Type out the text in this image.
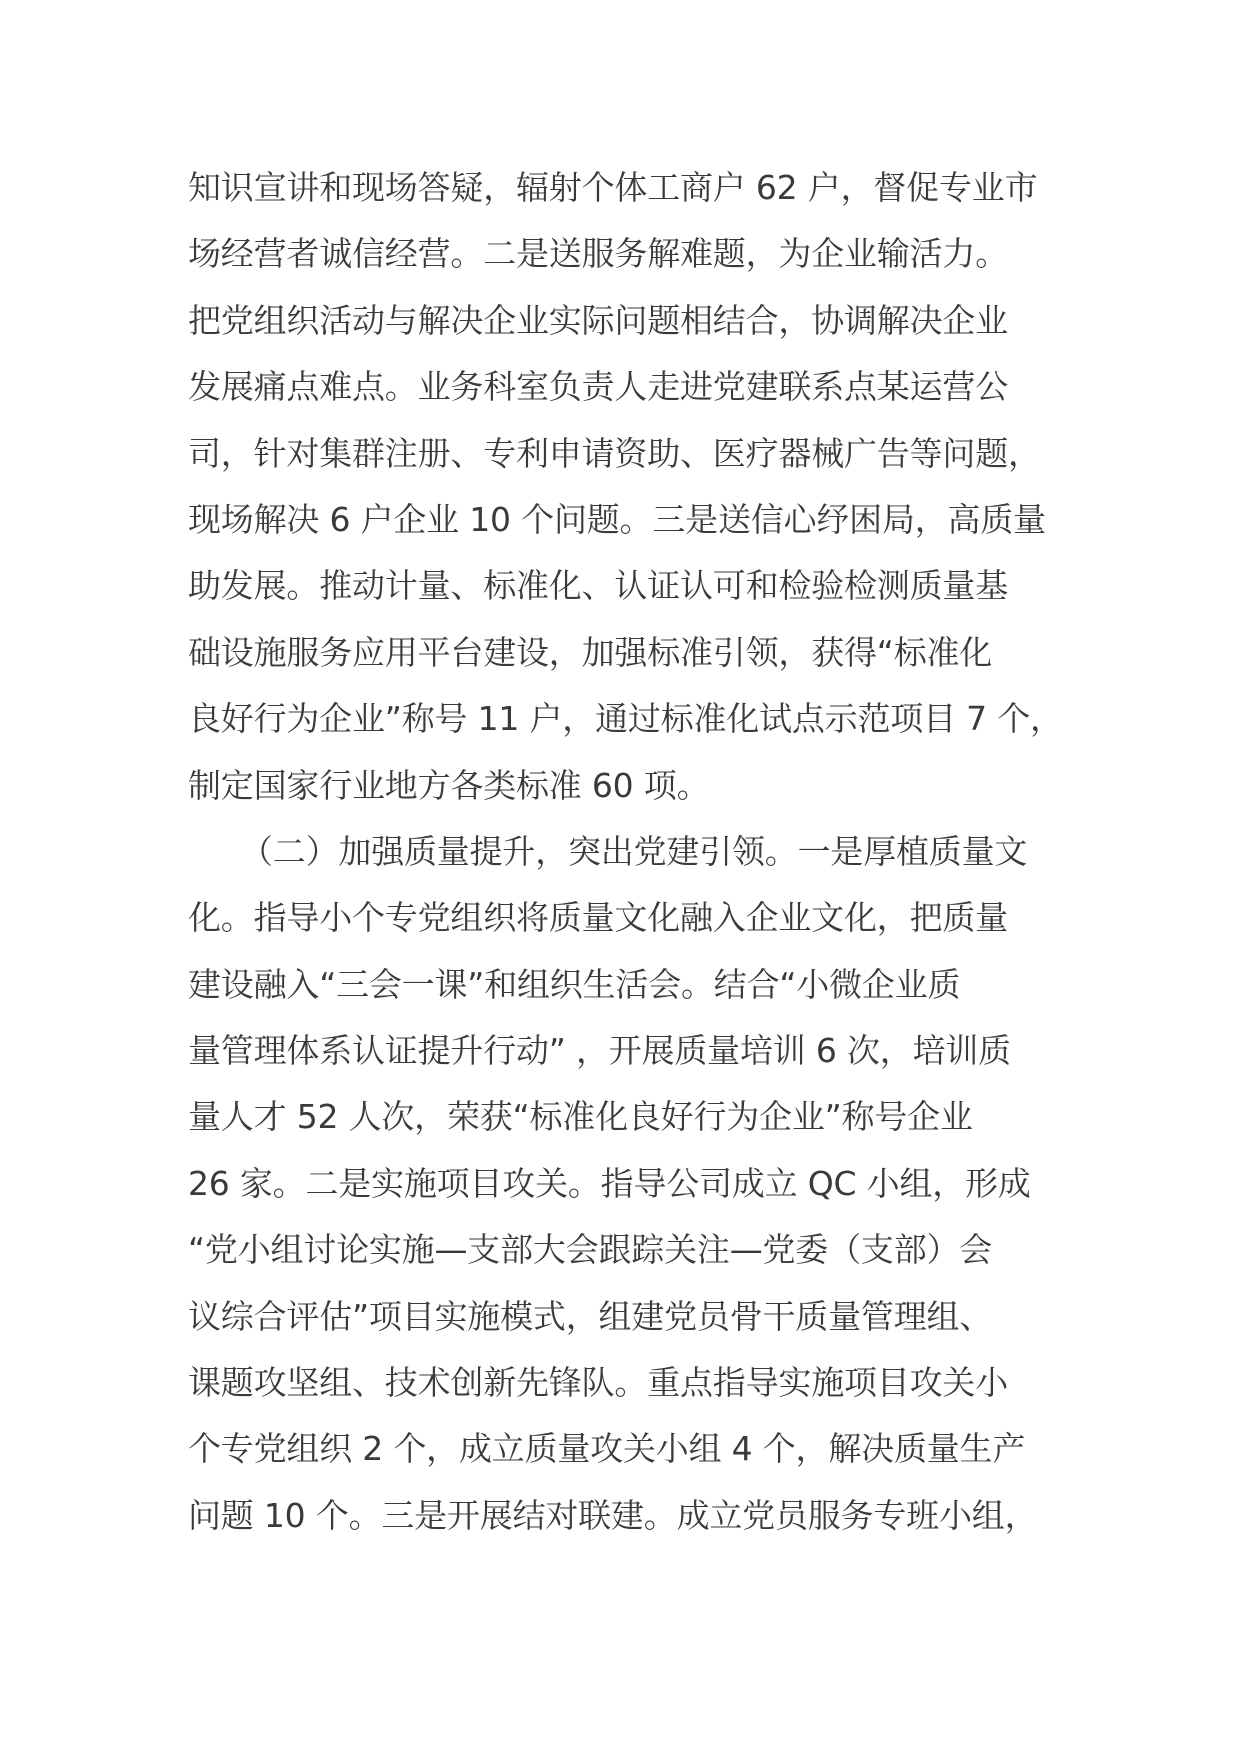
知识宣讲和现场答疑，辐射个体工商户 62 户，督促专业市
场经营者诚信经营。二是送服务解难题，为企业输活力。
把党组织活动与解决企业实际问题相结合，协调解决企业
发展痛点难点。业务科室负责人走进党建联系点某运营公
司，针对集群注册、专利申请资助、医疗器械广告等问题，
现场解决 6 户企业 10 个问题。三是送信心纾困局，高质量
助发展。推动计量、标准化、认证认可和检验检测质量基
础设施服务应用平台建设，加强标准引领，获得“标准化
良好行为企业”称号 11 户，通过标准化试点示范项目 7 个，
制定国家行业地方各类标准 60 项。
（二）加强质量提升，突出党建引领。一是厚植质量文
化。指导小个专党组织将质量文化融入企业文化，把质量
建设融入“三会一课”和组织生活会。结合“小微企业质
量管理体系认证提升行动” ，开展质量培训 6 次，培训质
量人才 52 人次，荣获“标准化良好行为企业”称号企业
26 家。二是实施项目攻关。指导公司成立 QC 小组，形成
“党小组讨论实施—支部大会跟踪关注—党委（支部）会
议综合评估”项目实施模式，组建党员骨干质量管理组、
课题攻坚组、技术创新先锋队。重点指导实施项目攻关小
个专党组织 2 个，成立质量攻关小组 4 个，解决质量生产
问题 10 个。三是开展结对联建。成立党员服务专班小组，
